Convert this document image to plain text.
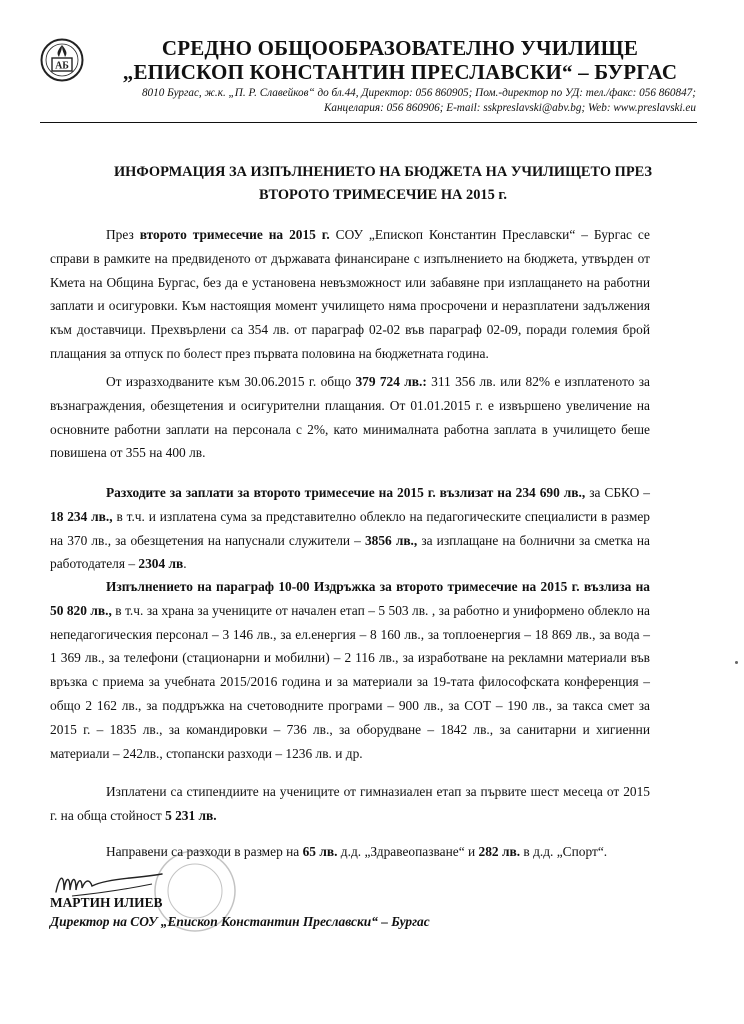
АБ
СРЕДНО ОБЩООБРАЗОВАТЕЛНО УЧИЛИЩЕ
„ЕПИСКОП КОНСТАНТИН ПРЕСЛАВСКИ“ – БУРГАС
8010 Бургас, ж.к. „П. Р. Славейков“ до бл.44, Директор: 056 860905; Пом.-директор по УД: тел./факс: 056 860847;
Канцелария: 056 860906; E-mail: sskpreslavski@abv.bg; Web: www.preslavski.eu
ИНФОРМАЦИЯ ЗА ИЗПЪЛНЕНИЕТО НА БЮДЖЕТА НА УЧИЛИЩЕТО ПРЕЗ
ВТОРОТО ТРИМЕСЕЧИЕ НА 2015 г.
През второто тримесечие на 2015 г. СОУ „Епископ Константин Преславски“ – Бургас се справи в рамките на предвиденото от държавата финансиране с изпълнението на бюджета, утвърден от Кмета на Община Бургас, без да е установена невъзможност или забавяне при изплащането на работни заплати и осигуровки. Към настоящия момент училището няма просрочени и неразплатени задължения към доставчици. Прехвърлени са 354 лв. от параграф 02-02 във параграф 02-09, поради големия брой плащания за отпуск по болест през първата половина на бюджетната година.
От изразходваните към 30.06.2015 г. общо 379 724 лв.: 311 356 лв. или 82% е изплатеното за възнаграждения, обезщетения и осигурителни плащания. От 01.01.2015 г. е извършено увеличение на основните работни заплати на персонала с 2%, като минималната работна заплата в училището беше повишена от 355 на 400 лв.
Разходите за заплати за второто тримесечие на 2015 г. възлизат на 234 690 лв., за СБКО – 18 234 лв., в т.ч. и изплатена сума за представително облекло на педагогическите специалисти в размер на 370 лв., за обезщетения на напуснали служители – 3856 лв., за изплащане на болнични за сметка на работодателя – 2304 лв.
Изпълнението на параграф 10-00 Издръжка за второто тримесечие на 2015 г. възлиза на 50 820 лв., в т.ч. за храна за учениците от начален етап – 5 503 лв. , за работно и униформено облекло на непедагогическия персонал – 3 146 лв., за ел.енергия – 8 160 лв., за топлоенергия – 18 869 лв., за вода – 1 369 лв., за телефони (стационарни и мобилни) – 2 116 лв., за изработване на рекламни материали във връзка с приема за учебната 2015/2016 година и за материали за 19-тата философската конференция – общо 2 162 лв., за поддръжка на счетоводните програми – 900 лв., за СОТ – 190 лв., за такса смет за 2015 г. – 1835 лв., за командировки – 736 лв., за оборудване – 1842 лв., за санитарни и хигиенни материали – 242лв., стопански разходи – 1236 лв. и др.
Изплатени са стипендиите на учениците от гимназиален етап за първите шест месеца от 2015 г. на обща стойност 5 231 лв.
Направени са разходи в размер на 65 лв. д.д. „Здравеопазване“ и 282 лв. в д.д. „Спорт“.
МАРТИН ИЛИЕВ
Директор на СОУ „Епископ Константин Преславски“ – Бургас
